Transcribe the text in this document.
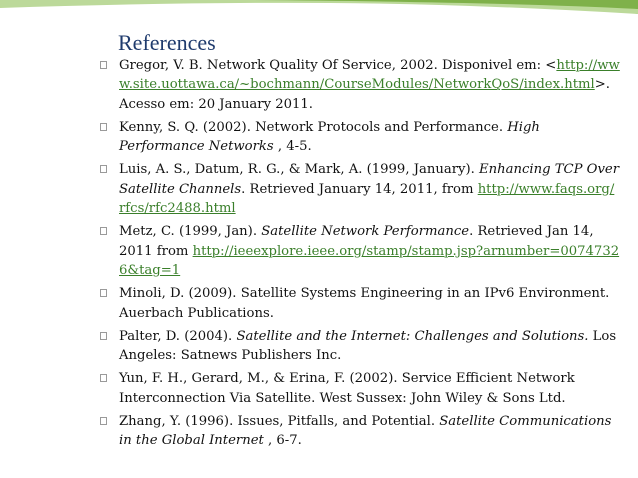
References
Gregor, V. B. Network Quality Of Service, 2002. Disponivel em: <http://www.site.uottawa.ca/~bochmann/CourseModules/NetworkQoS/index.html>. Acesso em: 20 January 2011.
Kenny, S. Q. (2002). Network Protocols and Performance. High Performance Networks , 4-5.
Luis, A. S., Datum, R. G., & Mark, A. (1999, January). Enhancing TCP Over Satellite Channels. Retrieved January 14, 2011, from http://www.faqs.org/rfcs/rfc2488.html
Metz, C. (1999, Jan). Satellite Network Performance. Retrieved Jan 14, 2011 from http://ieeexplore.ieee.org/stamp/stamp.jsp?arnumber=00747326&tag=1
Minoli, D. (2009). Satellite Systems Engineering in an IPv6 Environment. Auerbach Publications.
Palter, D. (2004). Satellite and the Internet: Challenges and Solutions. Los Angeles: Satnews Publishers Inc.
Yun, F. H., Gerard, M., & Erina, F. (2002). Service Efficient Network Interconnection Via Satellite. West Sussex: John Wiley & Sons Ltd.
Zhang, Y. (1996). Issues, Pitfalls, and Potential. Satellite Communications in the Global Internet , 6-7.
